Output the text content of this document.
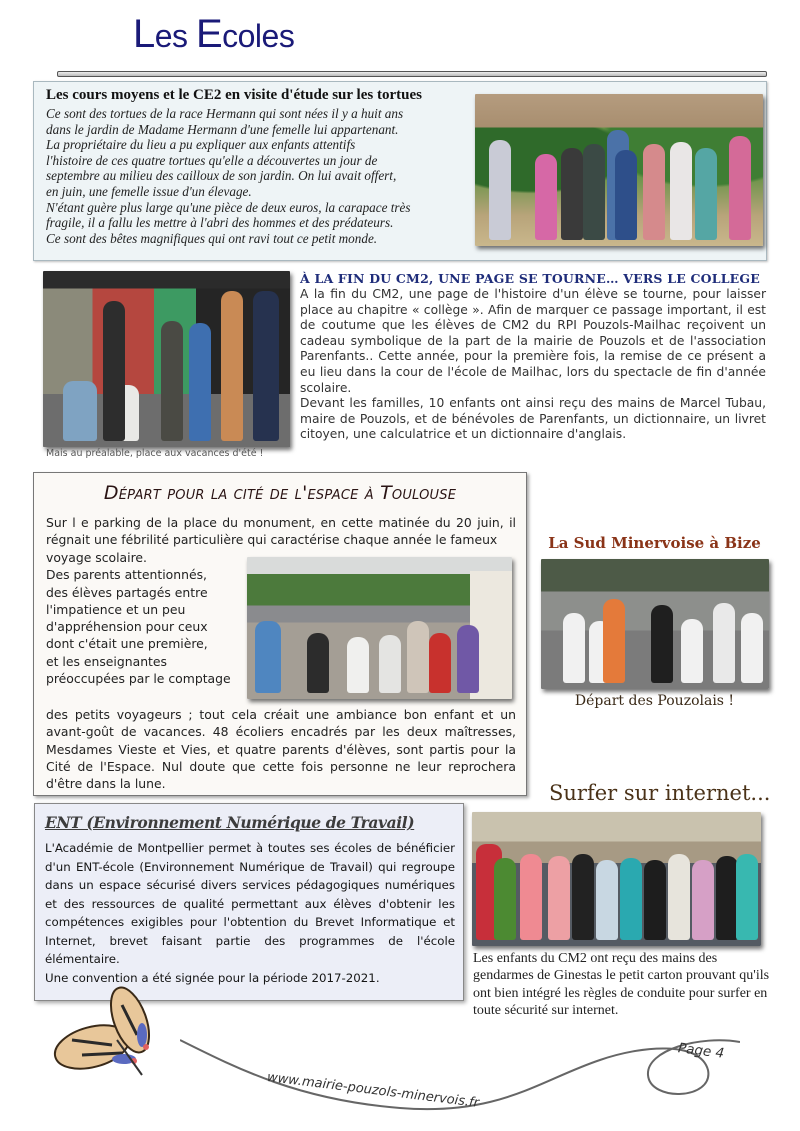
Les Ecoles
Les cours moyens et le CE2 en visite d'étude sur les tortues

Ce sont des tortues de la race Hermann qui sont nées il y a huit ans

dans le jardin de Madame Hermann d'une femelle lui appartenant.

La propriétaire du lieu a pu expliquer aux enfants attentifs

l'histoire de ces quatre tortues qu'elle a découvertes un jour de

septembre au milieu des cailloux de son jardin. On lui avait offert,

en juin, une femelle issue d'un élevage.

N'étant guère plus large qu'une pièce de deux euros, la carapace très

fragile, il a fallu les mettre à l'abri des hommes et des prédateurs.

Ce sont des bêtes magnifiques qui ont ravi tout ce petit monde.

Mais au préalable, place aux vacances d'été !
À LA FIN DU CM2, UNE PAGE SE TOURNE… VERS LE COLLEGE

A la fin du CM2, une page de l'histoire d'un élève se tourne, pour laisser place au chapitre « collège ». Afin de marquer ce passage important, il est de coutume que les élèves de CM2 du RPI Pouzols-Mailhac reçoivent un cadeau symbolique de la part de la mairie de Pouzols et de l'association Parenfants.. Cette année, pour la première fois, la remise de ce présent a eu lieu dans la cour de l'école de Mailhac, lors du spectacle de fin d'année scolaire.

Devant les familles, 10 enfants ont ainsi reçu des mains de Marcel Tubau, maire de Pouzols, et de bénévoles de Parenfants, un dictionnaire, un livret citoyen, une calculatrice et un dictionnaire d'anglais.

Départ pour la cité de l'espace à Toulouse

Sur l e parking de la place du monument, en cette matinée du 20 juin, il régnait une fébrilité particulière qui caractérise chaque année le fameux

voyage scolaire.

Des parents attentionnés,

des élèves partagés entre

l'impatience et un peu

d'appréhension pour ceux

dont c'était une première,

et les enseignantes

préoccupées par le comptage

des petits voyageurs ; tout cela créait une ambiance bon enfant et un avant-goût de vacances. 48 écoliers encadrés par les deux maîtresses, Mesdames Vieste et Vies, et quatre parents d'élèves, sont partis pour la Cité de l'Espace. Nul doute que cette fois personne ne leur reprochera d'être dans la lune.

La Sud Minervoise à Bize
Départ des Pouzolais !
ENT (Environnement Numérique de Travail)

L'Académie de Montpellier permet à toutes ses écoles de bénéficier d'un ENT-école (Environnement Numérique de Travail) qui regroupe dans un espace sécurisé divers services pédagogiques numériques et des ressources de qualité permettant aux élèves d'obtenir les compétences exigibles pour l'obtention du Brevet Informatique et Internet, brevet faisant partie des programmes de l'école élémentaire.

Une convention a été signée pour la période 2017-2021.

Surfer sur internet...

Les enfants du CM2 ont reçu des mains des gendarmes de Ginestas le petit carton prouvant qu'ils ont bien intégré les règles de conduite pour surfer en toute sécurité sur internet.

www.mairie-pouzols-minervois.fr
Page 4
